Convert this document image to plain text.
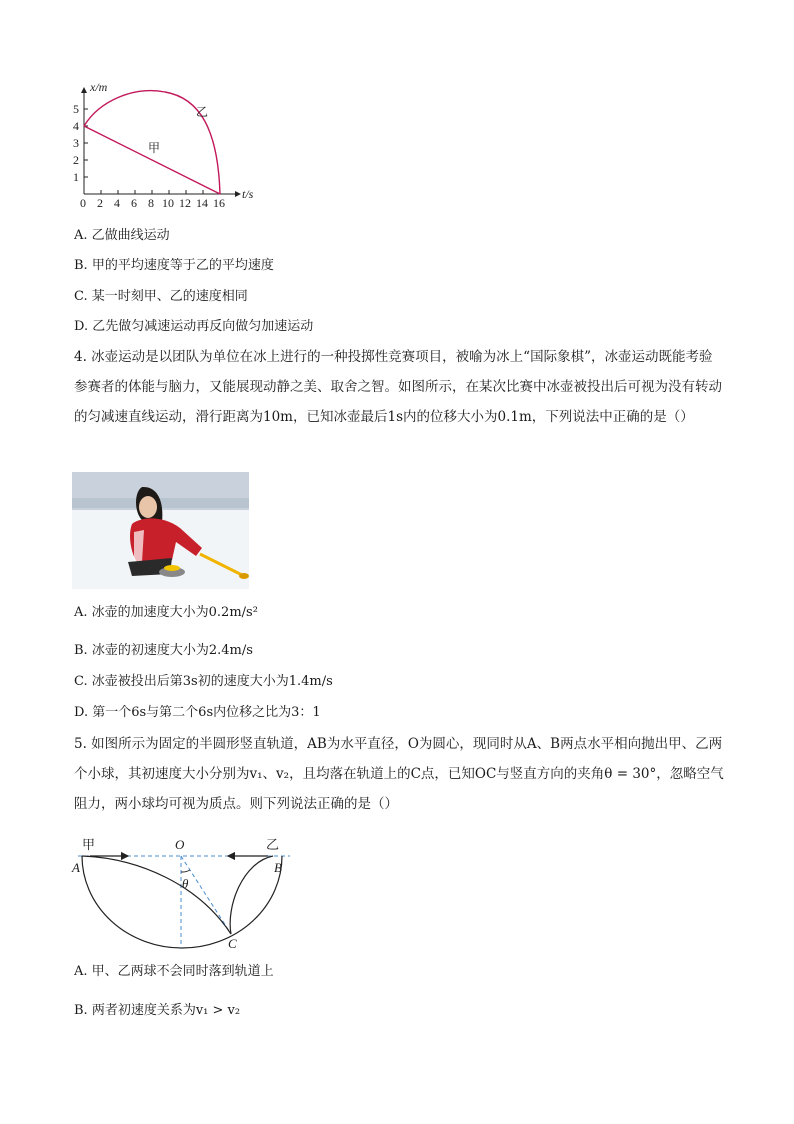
1
2
3
4
5
0 2 4 6 8 10 12 14 16
x/m
t/s
甲
乙
A. 乙做曲线运动
B. 甲的平均速度等于乙的平均速度
C. 某一时刻甲、乙的速度相同
D. 乙先做匀减速运动再反向做匀加速运动
4. 冰壶运动是以团队为单位在冰上进行的一种投掷性竞赛项目，被喻为冰上“国际象棋”，冰壶运动既能考验参赛者的体能与脑力，又能展现动静之美、取舍之智。如图所示，在某次比赛中冰壶被投出后可视为没有转动的匀减速直线运动，滑行距离为10m，已知冰壶最后1s内的位移大小为0.1m，下列说法中正确的是（）
A. 冰壶的加速度大小为0.2m/s²
B. 冰壶的初速度大小为2.4m/s
C. 冰壶被投出后第3s初的速度大小为1.4m/s
D. 第一个6s与第二个6s内位移之比为3：1
5. 如图所示为固定的半圆形竖直轨道，AB为水平直径，O为圆心，现同时从A、B两点水平相向抛出甲、乙两个小球，其初速度大小分别为v₁、v₂，且均落在轨道上的C点，已知OC与竖直方向的夹角θ = 30°，忽略空气阻力，两小球均可视为质点。则下列说法正确的是（）
甲	O	乙
A	B
θ
C
A. 甲、乙两球不会同时落到轨道上
B. 两者初速度关系为v₁ > v₂
